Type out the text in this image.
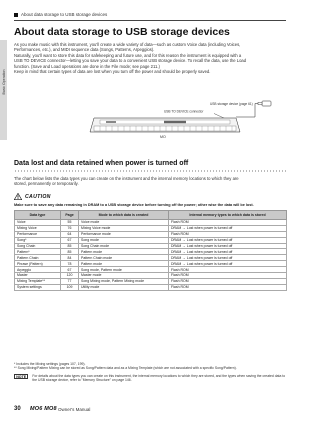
Basic Operation
About data storage to USB storage devices
About data storage to USB storage devices

As you make music with this instrument, you'll create a wide variety of data—such as custom Voice data (including Voices,

Performances, etc.), and MIDI sequence data (Songs, Patterns, Arpeggios).

Naturally, you'll want to store this data for safekeeping and future use, and for this reason the instrument is equipped with a

USB TO DEVICE connector—letting you save your data to a convenient USB storage device. To recall the data, use the Load

function. (Save and Load operations are done in the File mode; see page 211.)

Keep in mind that certain types of data are lost when you turn off the power and should be properly saved.

USB storage device (page 61)
USB TO DEVICE connector
MO
Data lost and data retained when power is turned off

The chart below lists the data types you can create on the instrument and the internal memory locations to which they are

stored, permanently or temporarily.

CAUTION
Make sure to save any data remaining in DRAM to a USB storage device before turning off the power; other wise the data will be lost.
Data type	Page	Mode to which data is created	Internal memory types to which data is stored
Voice	55	Voice mode	Flash ROM
Mixing Voice	76	Mixing Voice mode	DRAM → Lost when power is turned off
Performance	64	Performance mode	Flash ROM
Song*	67	Song mode	DRAM → Lost when power is turned off
Song Chain	85	Song Chain mode	DRAM → Lost when power is turned off
Pattern*	85	Pattern mode	DRAM → Lost when power is turned off
Pattern Chain	84	Pattern Chain mode	DRAM → Lost when power is turned off
Phrase (Pattern)	78	Pattern mode	DRAM → Lost when power is turned off
Arpeggio	67	Song mode, Pattern mode	Flash ROM
Master	120	Master mode	Flash ROM
Mixing Template**	77	Song Mixing mode, Pattern Mixing mode	Flash ROM
System settings	109	Utility mode	Flash ROM

* Includes the Mixing settings (pages 107, 199).

** Song Mixing/Pattern Mixing can be stored as Song/Pattern data and as a Mixing Template (which are not associated with a specific Song/Pattern).

NOTE	For details about the data types you can create on this instrument, the internal memory locations to which they are stored, and the types when saving the created data to the USB storage device, refer to "Memory Structure" on page 146.
30 MO6 MO8 Owner's Manual
